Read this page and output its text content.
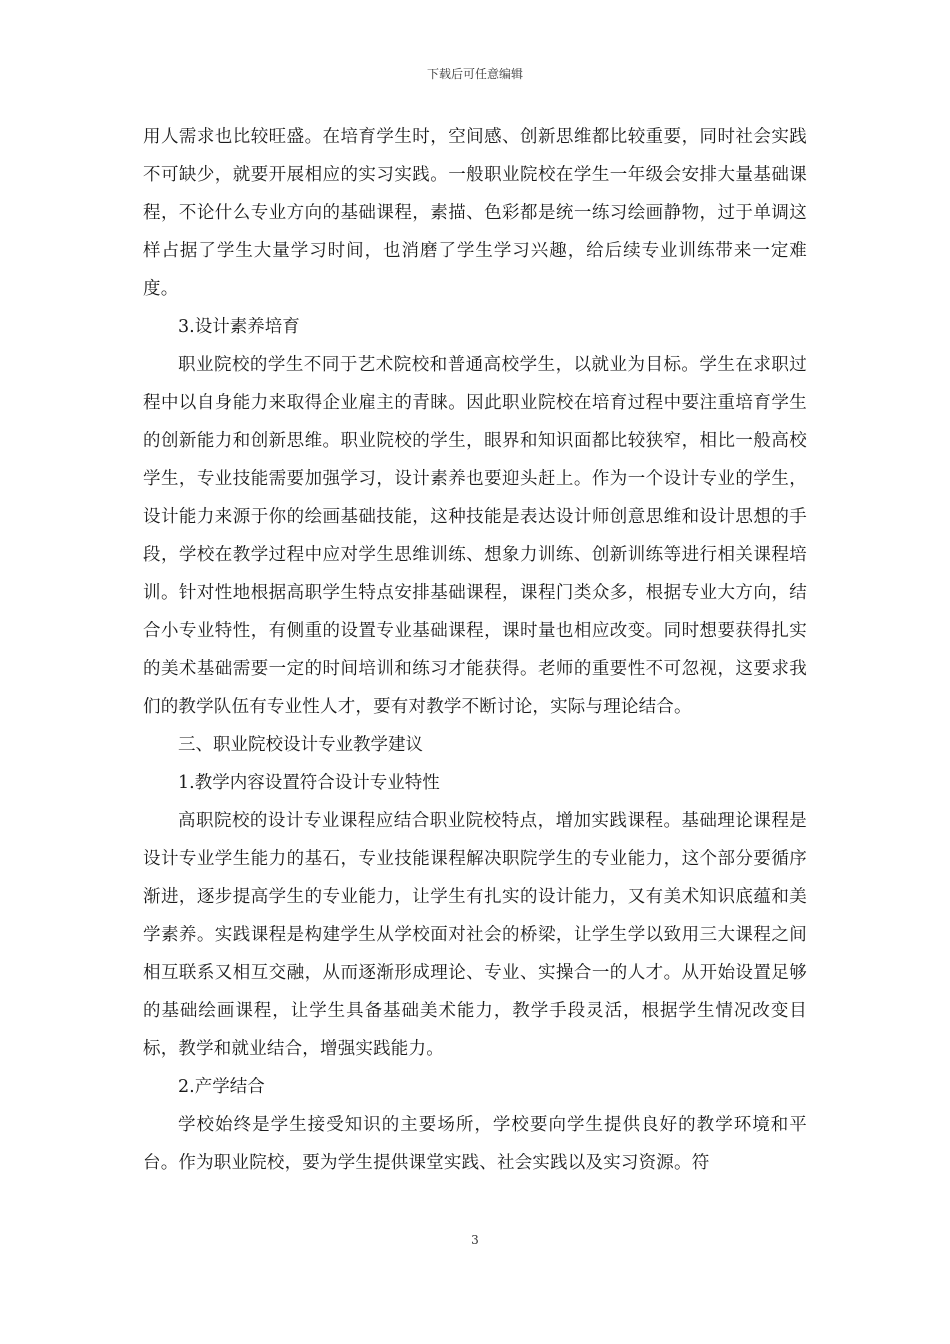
下载后可任意编辑

用人需求也比较旺盛。在培育学生时，空间感、创新思维都比较重要，同时社会实践不可缺少，就要开展相应的实习实践。一般职业院校在学生一年级会安排大量基础课程，不论什么专业方向的基础课程，素描、色彩都是统一练习绘画静物，过于单调这样占据了学生大量学习时间，也消磨了学生学习兴趣，给后续专业训练带来一定难度。

3.设计素养培育

职业院校的学生不同于艺术院校和普通高校学生，以就业为目标。学生在求职过程中以自身能力来取得企业雇主的青睐。因此职业院校在培育过程中要注重培育学生的创新能力和创新思维。职业院校的学生，眼界和知识面都比较狭窄，相比一般高校学生，专业技能需要加强学习，设计素养也要迎头赶上。作为一个设计专业的学生，设计能力来源于你的绘画基础技能，这种技能是表达设计师创意思维和设计思想的手段，学校在教学过程中应对学生思维训练、想象力训练、创新训练等进行相关课程培训。针对性地根据高职学生特点安排基础课程，课程门类众多，根据专业大方向，结合小专业特性，有侧重的设置专业基础课程，课时量也相应改变。同时想要获得扎实的美术基础需要一定的时间培训和练习才能获得。老师的重要性不可忽视，这要求我们的教学队伍有专业性人才，要有对教学不断讨论，实际与理论结合。

三、职业院校设计专业教学建议

1.教学内容设置符合设计专业特性

高职院校的设计专业课程应结合职业院校特点，增加实践课程。基础理论课程是设计专业学生能力的基石，专业技能课程解决职院学生的专业能力，这个部分要循序渐进，逐步提高学生的专业能力，让学生有扎实的设计能力，又有美术知识底蕴和美学素养。实践课程是构建学生从学校面对社会的桥梁，让学生学以致用三大课程之间相互联系又相互交融，从而逐渐形成理论、专业、实操合一的人才。从开始设置足够的基础绘画课程，让学生具备基础美术能力，教学手段灵活，根据学生情况改变目标，教学和就业结合，增强实践能力。

2.产学结合

学校始终是学生接受知识的主要场所，学校要向学生提供良好的教学环境和平台。作为职业院校，要为学生提供课堂实践、社会实践以及实习资源。符

3
